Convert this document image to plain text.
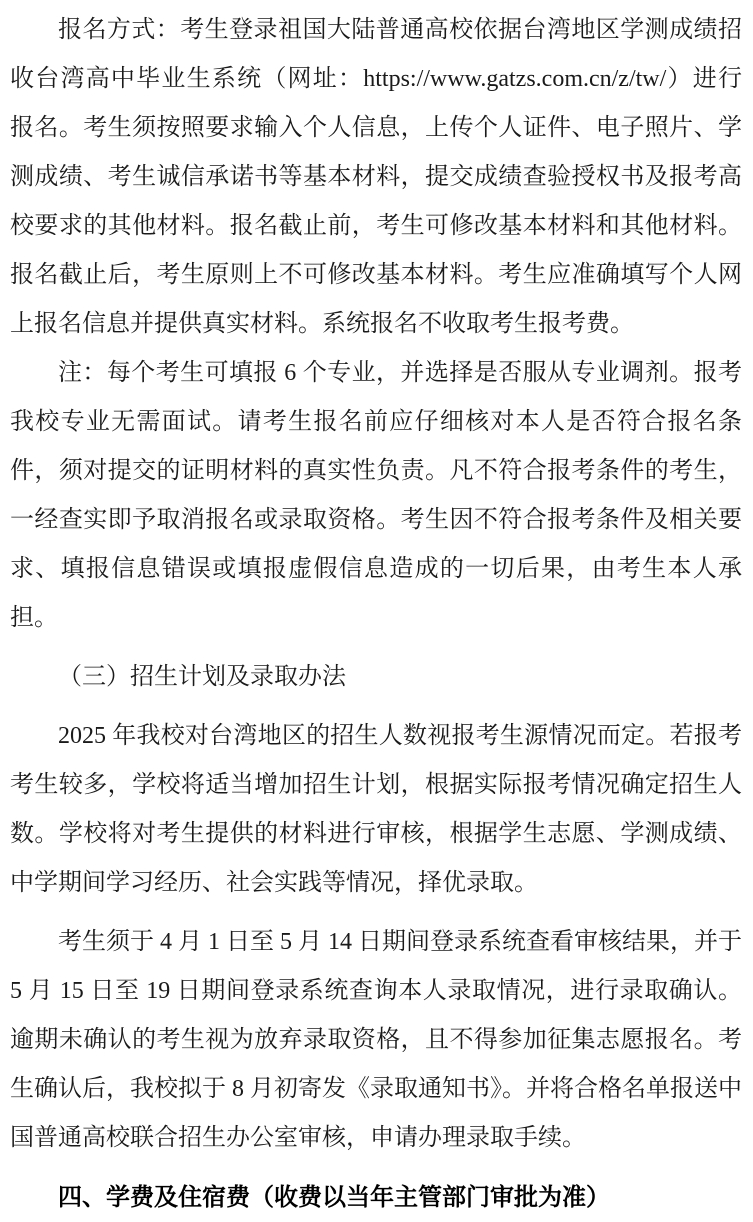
报名方式：考生登录祖国大陆普通高校依据台湾地区学测成绩招收台湾高中毕业生系统（网址：https://www.gatzs.com.cn/z/tw/）进行报名。考生须按照要求输入个人信息，上传个人证件、电子照片、学测成绩、考生诚信承诺书等基本材料，提交成绩查验授权书及报考高校要求的其他材料。报名截止前，考生可修改基本材料和其他材料。报名截止后，考生原则上不可修改基本材料。考生应准确填写个人网上报名信息并提供真实材料。系统报名不收取考生报考费。

注：每个考生可填报 6 个专业，并选择是否服从专业调剂。报考我校专业无需面试。请考生报名前应仔细核对本人是否符合报名条件，须对提交的证明材料的真实性负责。凡不符合报考条件的考生，一经查实即予取消报名或录取资格。考生因不符合报考条件及相关要求、填报信息错误或填报虚假信息造成的一切后果，由考生本人承担。

（三）招生计划及录取办法

2025 年我校对台湾地区的招生人数视报考生源情况而定。若报考考生较多，学校将适当增加招生计划，根据实际报考情况确定招生人数。学校将对考生提供的材料进行审核，根据学生志愿、学测成绩、中学期间学习经历、社会实践等情况，择优录取。

考生须于 4 月 1 日至 5 月 14 日期间登录系统查看审核结果，并于 5 月 15 日至 19 日期间登录系统查询本人录取情况，进行录取确认。逾期未确认的考生视为放弃录取资格，且不得参加征集志愿报名。考生确认后，我校拟于 8 月初寄发《录取通知书》。并将合格名单报送中国普通高校联合招生办公室审核，申请办理录取手续。

四、学费及住宿费（收费以当年主管部门审批为准）
